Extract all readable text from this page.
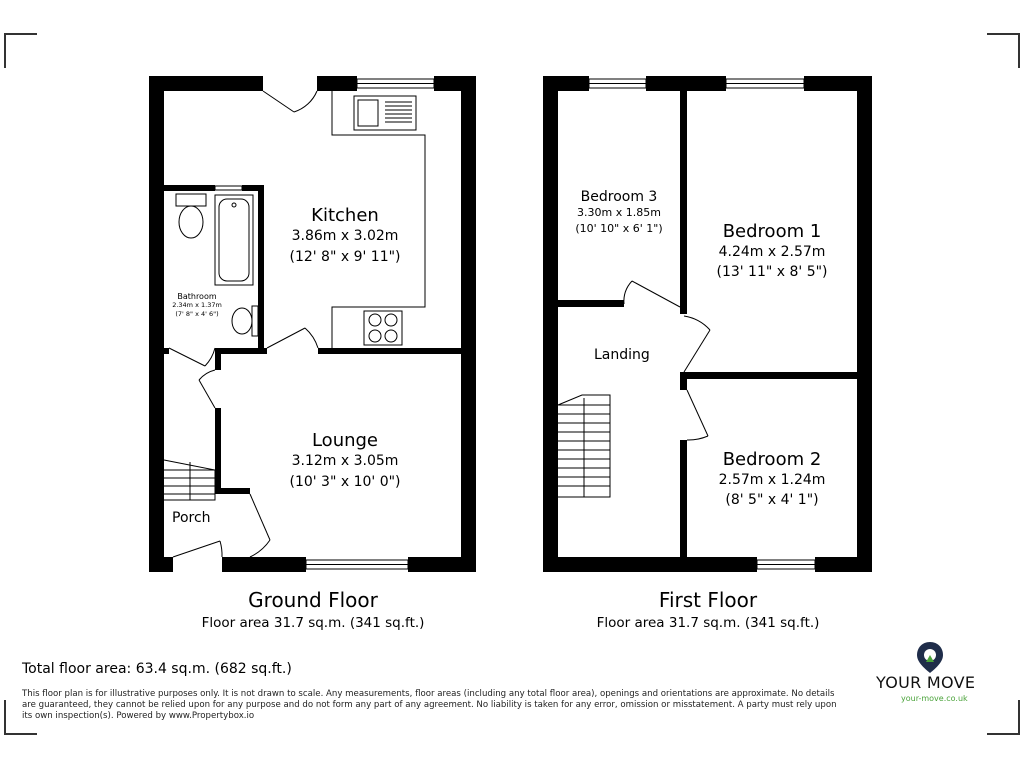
Kitchen
3.86m x 3.02m
(12' 8" x 9' 11")
Bathroom
2.34m x 1.37m
(7' 8" x 4' 6")
Lounge
3.12m x 3.05m
(10' 3" x 10' 0")
Porch
Bedroom 3
3.30m x 1.85m
(10' 10" x 6' 1")	Bedroom 1
4.24m x 2.57m
(13' 11" x 8' 5")
Landing
Bedroom 2
2.57m x 1.24m
(8' 5" x 4' 1")
Ground Floor
Floor area 31.7 sq.m. (341 sq.ft.)
First Floor
Floor area 31.7 sq.m. (341 sq.ft.)
Total floor area: 63.4 sq.m. (682 sq.ft.)
This floor plan is for illustrative purposes only. It is not drawn to scale. Any measurements, floor areas (including any total floor area), openings and orientations are approximate. No details are guaranteed, they cannot be relied upon for any purpose and do not form any part of any agreement. No liability is taken for any error, omission or misstatement. A party must rely upon its own inspection(s). Powered by www.Propertybox.io
YOUR MOVE
your-move.co.uk
